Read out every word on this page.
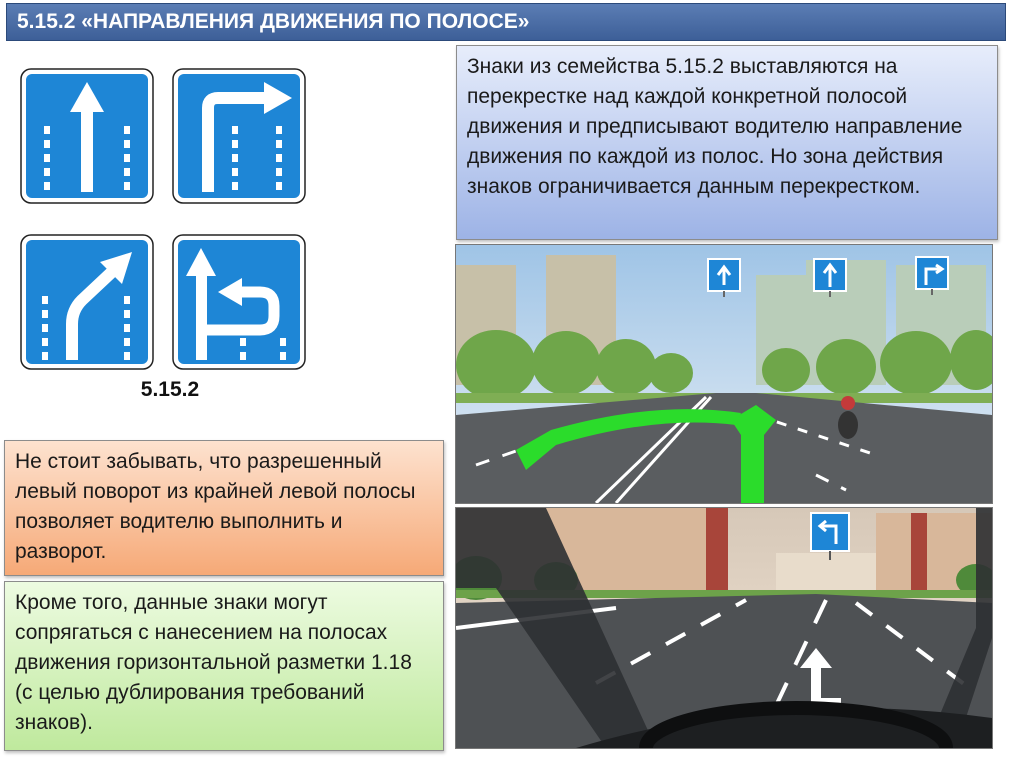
5.15.2 «НАПРАВЛЕНИЯ ДВИЖЕНИЯ ПО ПОЛОСЕ»
5.15.2
Знаки из семейства 5.15.2 выставляются на перекрестке над каждой конкретной полосой движения и предписывают водителю направление движения по каждой из полос. Но зона действия знаков ограничивается данным перекрестком.
Не стоит забывать, что разрешенный левый поворот из крайней левой полосы позволяет водителю выполнить и разворот.
Кроме того, данные знаки могут сопрягаться с нанесением на полосах движения горизонтальной разметки 1.18 (с целью дублирования требований знаков).
